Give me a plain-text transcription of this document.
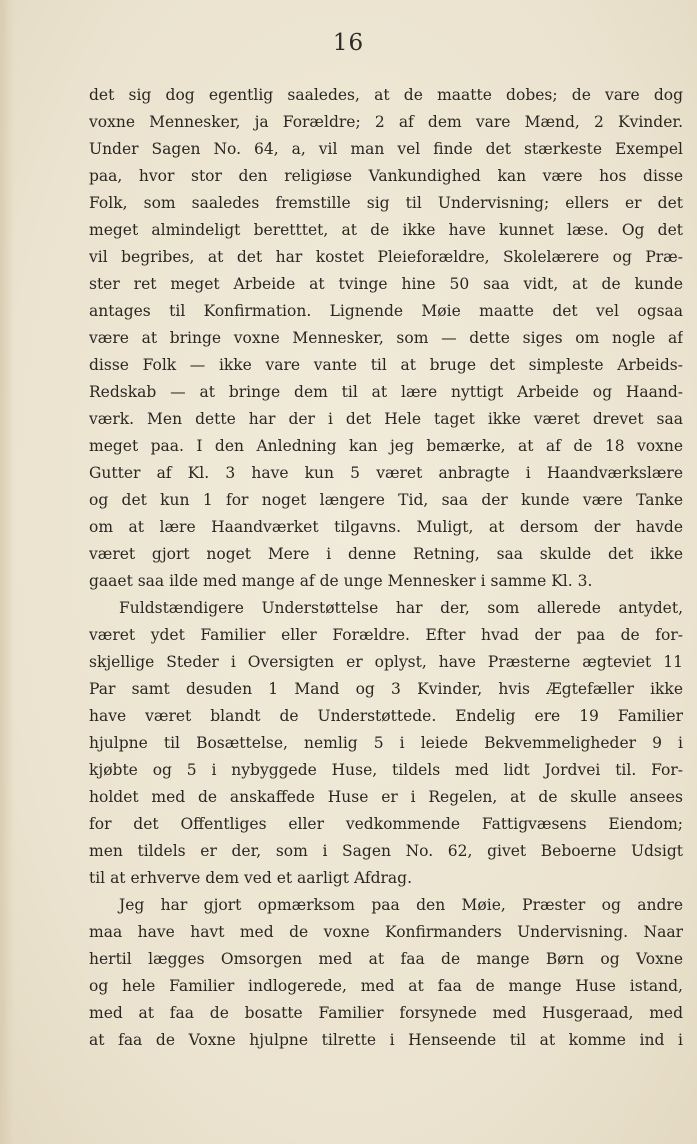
16
det sig dog egentlig saaledes, at de maatte dobes; de vare dog
voxne Mennesker, ja Forældre; 2 af dem vare Mænd, 2 Kvinder.
Under Sagen No. 64, a, vil man vel finde det stærkeste Exempel
paa, hvor stor den religiøse Vankundighed kan være hos disse
Folk, som saaledes fremstille sig til Undervisning; ellers er det
meget almindeligt beretttet, at de ikke have kunnet læse. Og det
vil begribes, at det har kostet Pleieforældre, Skolelærere og Præ-
ster ret meget Arbeide at tvinge hine 50 saa vidt, at de kunde
antages til Konfirmation. Lignende Møie maatte det vel ogsaa
være at bringe voxne Mennesker, som — dette siges om nogle af
disse Folk — ikke vare vante til at bruge det simpleste Arbeids-
Redskab — at bringe dem til at lære nyttigt Arbeide og Haand-
værk. Men dette har der i det Hele taget ikke været drevet saa
meget paa. I den Anledning kan jeg bemærke, at af de 18 voxne
Gutter af Kl. 3 have kun 5 været anbragte i Haandværkslære
og det kun 1 for noget længere Tid, saa der kunde være Tanke
om at lære Haandværket tilgavns. Muligt, at dersom der havde
været gjort noget Mere i denne Retning, saa skulde det ikke
gaaet saa ilde med mange af de unge Mennesker i samme Kl. 3.
Fuldstændigere Understøttelse har der, som allerede antydet,
været ydet Familier eller Forældre. Efter hvad der paa de for-
skjellige Steder i Oversigten er oplyst, have Præsterne ægteviet 11
Par samt desuden 1 Mand og 3 Kvinder, hvis Ægtefæller ikke
have været blandt de Understøttede. Endelig ere 19 Familier
hjulpne til Bosættelse, nemlig 5 i leiede Bekvemmeligheder 9 i
kjøbte og 5 i nybyggede Huse, tildels med lidt Jordvei til. For-
holdet med de anskaffede Huse er i Regelen, at de skulle ansees
for det Offentliges eller vedkommende Fattigvæsens Eiendom;
men tildels er der, som i Sagen No. 62, givet Beboerne Udsigt
til at erhverve dem ved et aarligt Afdrag.
Jeg har gjort opmærksom paa den Møie, Præster og andre
maa have havt med de voxne Konfirmanders Undervisning. Naar
hertil lægges Omsorgen med at faa de mange Børn og Voxne
og hele Familier indlogerede, med at faa de mange Huse istand,
med at faa de bosatte Familier forsynede med Husgeraad, med
at faa de Voxne hjulpne tilrette i Henseende til at komme ind i
